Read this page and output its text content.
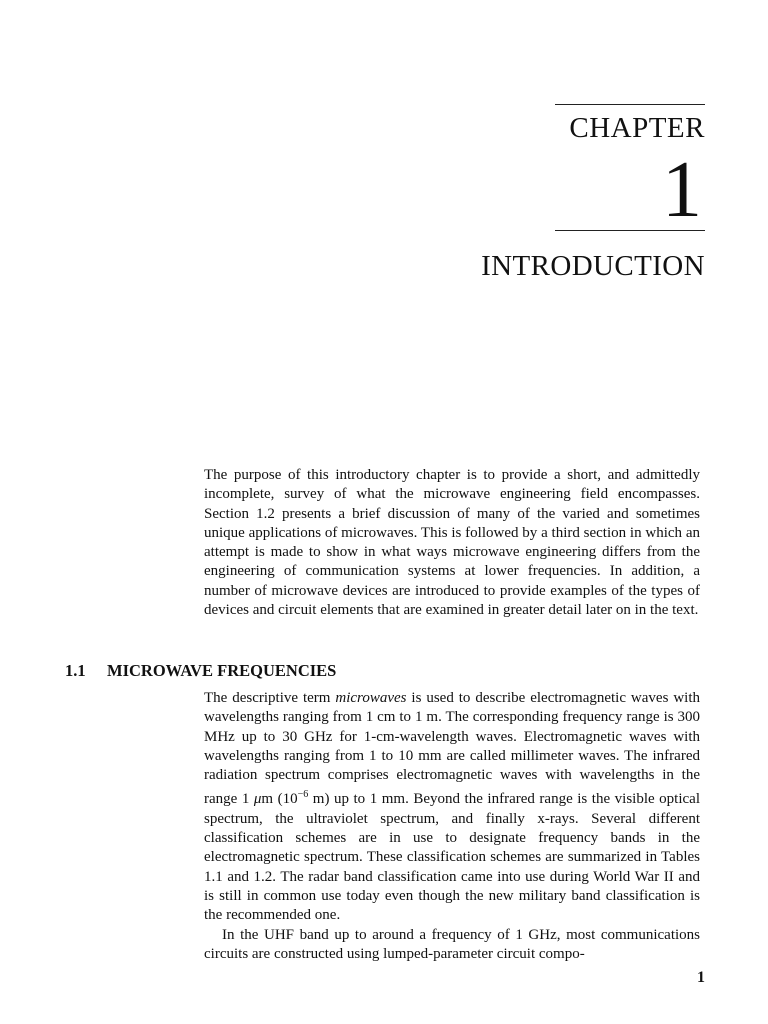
CHAPTER
1
INTRODUCTION

The purpose of this introductory chapter is to provide a short, and admittedly incomplete, survey of what the microwave engineering field encompasses. Section 1.2 presents a brief discussion of many of the varied and sometimes unique applications of microwaves. This is followed by a third section in which an attempt is made to show in what ways microwave engineering differs from the engineering of communication systems at lower frequencies. In addition, a number of microwave devices are introduced to provide examples of the types of devices and circuit elements that are examined in greater detail later on in the text.

1.1 MICROWAVE FREQUENCIES

The descriptive term microwaves is used to describe electromagnetic waves with wavelengths ranging from 1 cm to 1 m. The corresponding frequency range is 300 MHz up to 30 GHz for 1-cm-wavelength waves. Electromagnetic waves with wavelengths ranging from 1 to 10 mm are called millimeter waves. The infrared radiation spectrum comprises electromagnetic waves with wavelengths in the range 1 μm ($10^{-6}$ m) up to 1 mm. Beyond the infrared range is the visible optical spectrum, the ultraviolet spectrum, and finally x-rays. Several different classification schemes are in use to designate frequency bands in the electromagnetic spectrum. These classification schemes are summarized in Tables 1.1 and 1.2. The radar band classification came into use during World War II and is still in common use today even though the new military band classification is the recommended one.

In the UHF band up to around a frequency of 1 GHz, most communications circuits are constructed using lumped-parameter circuit compo-

1
